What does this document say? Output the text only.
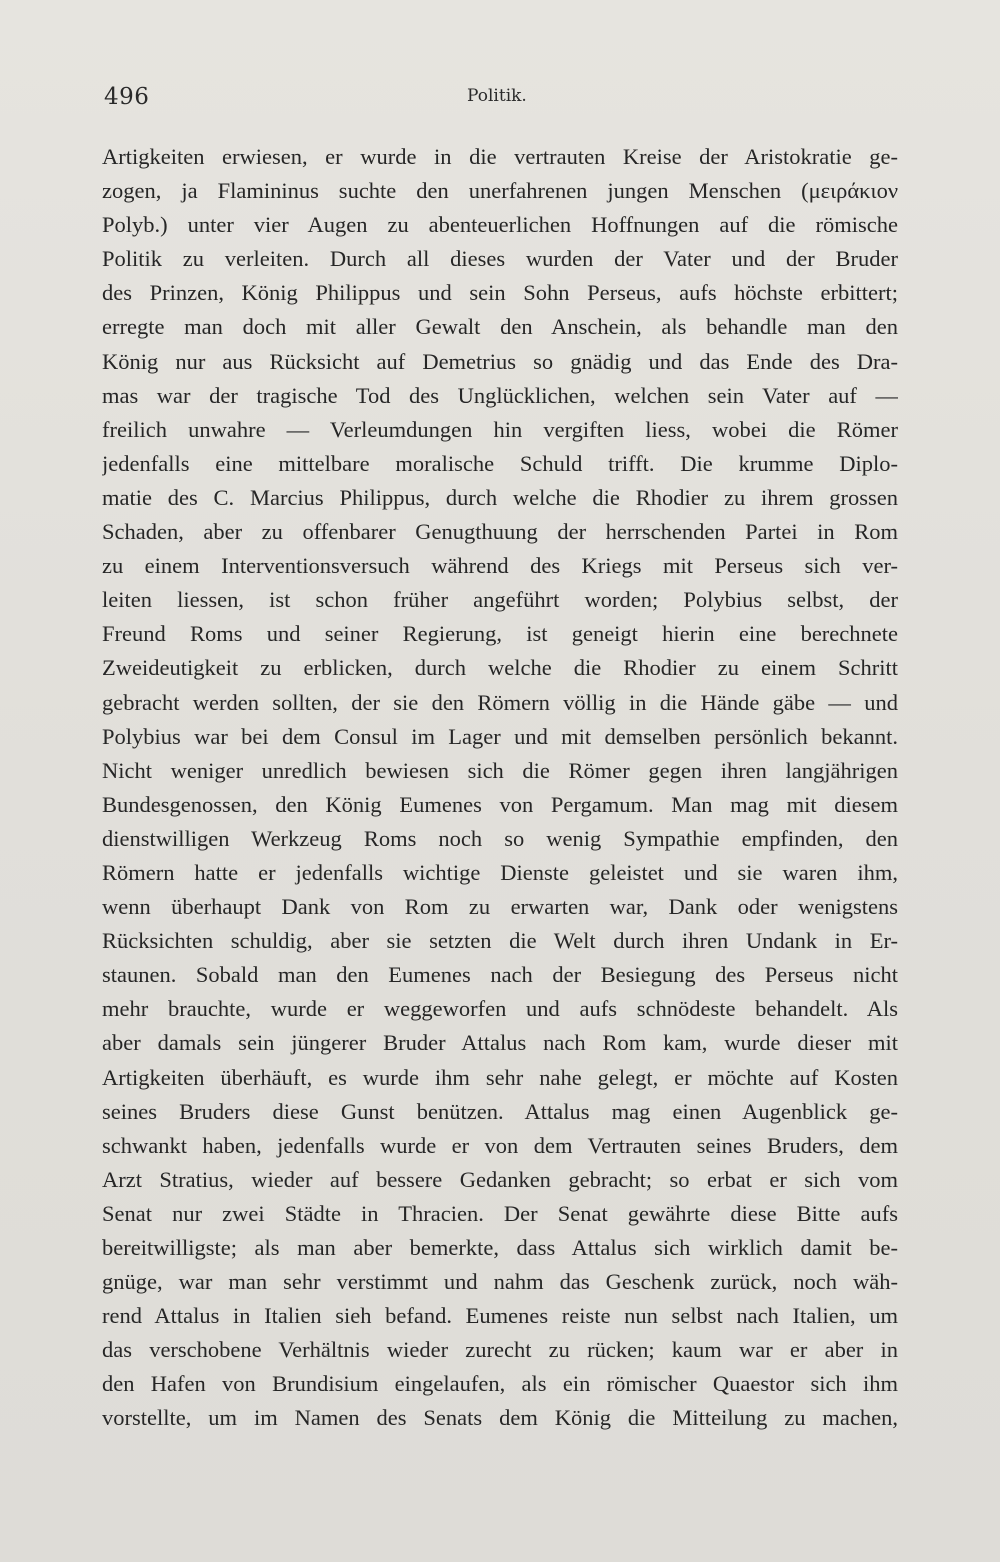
496	Politik.
Artigkeiten erwiesen, er wurde in die vertrauten Kreise der Aristokratie ge-
zogen, ja Flamininus suchte den unerfahrenen jungen Menschen (μειράκιον
Polyb.) unter vier Augen zu abenteuerlichen Hoffnungen auf die römische
Politik zu verleiten. Durch all dieses wurden der Vater und der Bruder
des Prinzen, König Philippus und sein Sohn Perseus, aufs höchste erbittert;
erregte man doch mit aller Gewalt den Anschein, als behandle man den
König nur aus Rücksicht auf Demetrius so gnädig und das Ende des Dra-
mas war der tragische Tod des Unglücklichen, welchen sein Vater auf —
freilich unwahre — Verleumdungen hin vergiften liess, wobei die Römer
jedenfalls eine mittelbare moralische Schuld trifft. Die krumme Diplo-
matie des C. Marcius Philippus, durch welche die Rhodier zu ihrem grossen
Schaden, aber zu offenbarer Genugthuung der herrschenden Partei in Rom
zu einem Interventionsversuch während des Kriegs mit Perseus sich ver-
leiten liessen, ist schon früher angeführt worden; Polybius selbst, der
Freund Roms und seiner Regierung, ist geneigt hierin eine berechnete
Zweideutigkeit zu erblicken, durch welche die Rhodier zu einem Schritt
gebracht werden sollten, der sie den Römern völlig in die Hände gäbe — und
Polybius war bei dem Consul im Lager und mit demselben persönlich bekannt.
Nicht weniger unredlich bewiesen sich die Römer gegen ihren langjährigen
Bundesgenossen, den König Eumenes von Pergamum. Man mag mit diesem
dienstwilligen Werkzeug Roms noch so wenig Sympathie empfinden, den
Römern hatte er jedenfalls wichtige Dienste geleistet und sie waren ihm,
wenn überhaupt Dank von Rom zu erwarten war, Dank oder wenigstens
Rücksichten schuldig, aber sie setzten die Welt durch ihren Undank in Er-
staunen. Sobald man den Eumenes nach der Besiegung des Perseus nicht
mehr brauchte, wurde er weggeworfen und aufs schnödeste behandelt. Als
aber damals sein jüngerer Bruder Attalus nach Rom kam, wurde dieser mit
Artigkeiten überhäuft, es wurde ihm sehr nahe gelegt, er möchte auf Kosten
seines Bruders diese Gunst benützen. Attalus mag einen Augenblick ge-
schwankt haben, jedenfalls wurde er von dem Vertrauten seines Bruders, dem
Arzt Stratius, wieder auf bessere Gedanken gebracht; so erbat er sich vom
Senat nur zwei Städte in Thracien. Der Senat gewährte diese Bitte aufs
bereitwilligste; als man aber bemerkte, dass Attalus sich wirklich damit be-
gnüge, war man sehr verstimmt und nahm das Geschenk zurück, noch wäh-
rend Attalus in Italien sieh befand. Eumenes reiste nun selbst nach Italien, um
das verschobene Verhältnis wieder zurecht zu rücken; kaum war er aber in
den Hafen von Brundisium eingelaufen, als ein römischer Quaestor sich ihm
vorstellte, um im Namen des Senats dem König die Mitteilung zu machen,
